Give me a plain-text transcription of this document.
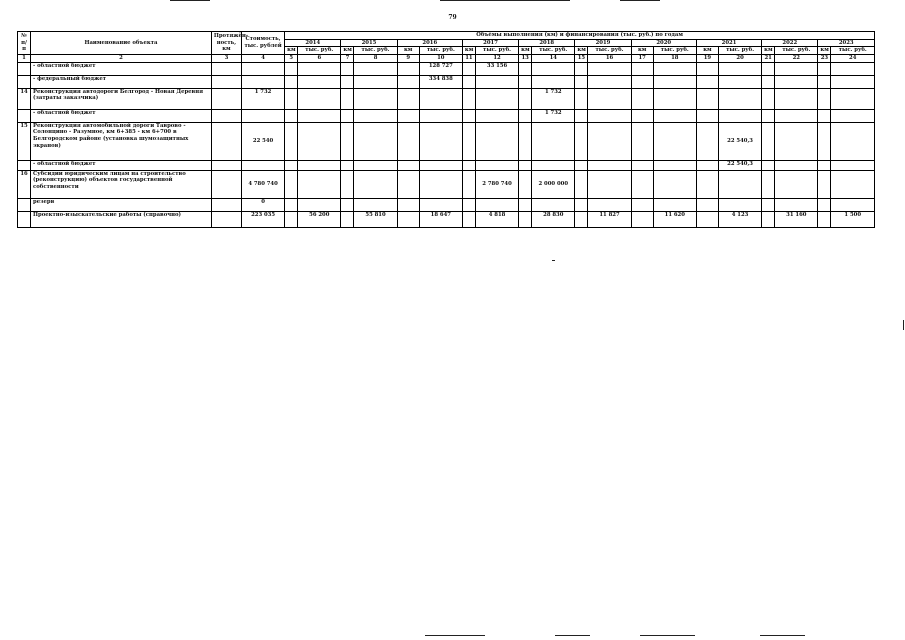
79
№ п/п	Наименование объекта	Протяжён-ность, км	Стоимость, тыс. рублей	Объёмы выполнения (км) и финансирования (тыс. руб.) по годам																			
				2014		2015		2016		2017		2018		2019		2020		2021		2022		2023	
				км	тыс. руб.	км	тыс. руб.	км	тыс. руб.	км	тыс. руб.	км	тыс. руб.	км	тыс. руб.	км	тыс. руб.	км	тыс. руб.	км	тыс. руб.	км	тыс. руб.
1	2	3	4	5	6	7	8	9	10	11	12	13	14	15	16	17	18	19	20	21	22	23	24
	- областной бюджет								128 727		33 156												
	- федеральный бюджет								334 838														
14	Реконструкция автодороги Белгород - Новая Деревня (затраты заказчика)		1 732										1 732										
	- областной бюджет												1 732										
15	Реконструкция автомобильной дороги Таврово - Солонцино - Разумное, км 6+385 - км 6+700 в Белгородском районе (установка шумозащитных экранов)		22 540																22 540,3				
	- областной бюджет																		22 540,3				
16	Субсидии юридическим лицам на строительство (реконструкцию) объектов государственной собственности		4 780 740								2 780 740		2 000 000										
	резерв		0																				
	Проектно-изыскательские работы (справочно)		223 035		56 200		55 810		18 647		4 818		28 830		11 827		11 620		4 123		31 160		1 500
